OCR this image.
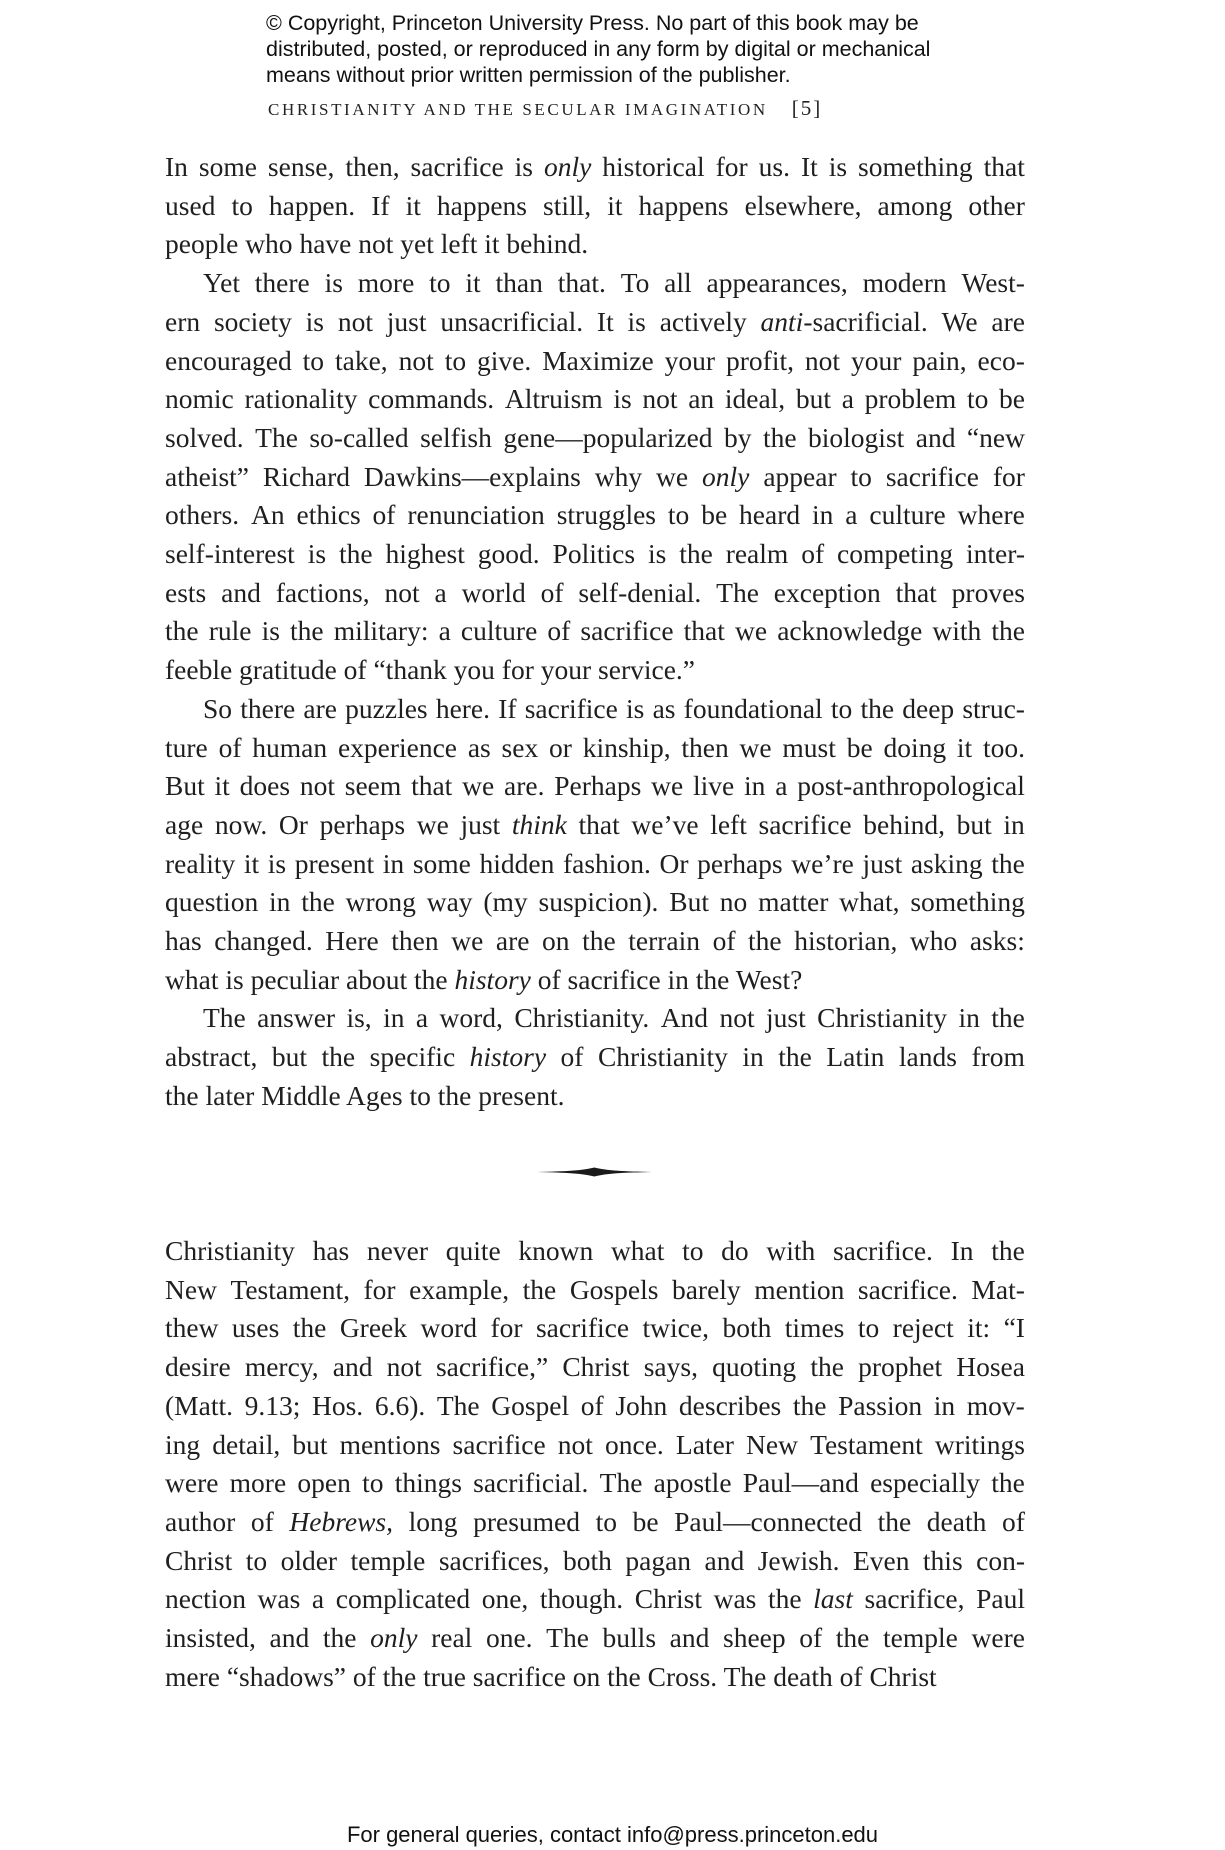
© Copyright, Princeton University Press. No part of this book may be
distributed, posted, or reproduced in any form by digital or mechanical
means without prior written permission of the publisher.
CHRISTIANITY AND THE SECULAR IMAGINATION [5]
In some sense, then, sacrifice is only historical for us. It is something that
used to happen. If it happens still, it happens elsewhere, among other
people who have not yet left it behind.
Yet there is more to it than that. To all appearances, modern West-
ern society is not just unsacrificial. It is actively anti-sacrificial. We are
encouraged to take, not to give. Maximize your profit, not your pain, eco-
nomic rationality commands. Altruism is not an ideal, but a problem to be
solved. The so-called selfish gene—popularized by the biologist and “new
atheist” Richard Dawkins—explains why we only appear to sacrifice for
others. An ethics of renunciation struggles to be heard in a culture where
self-interest is the highest good. Politics is the realm of competing inter-
ests and factions, not a world of self-denial. The exception that proves
the rule is the military: a culture of sacrifice that we acknowledge with the
feeble gratitude of “thank you for your service.”
So there are puzzles here. If sacrifice is as foundational to the deep struc-
ture of human experience as sex or kinship, then we must be doing it too.
But it does not seem that we are. Perhaps we live in a post-anthropological
age now. Or perhaps we just think that we’ve left sacrifice behind, but in
reality it is present in some hidden fashion. Or perhaps we’re just asking the
question in the wrong way (my suspicion). But no matter what, something
has changed. Here then we are on the terrain of the historian, who asks:
what is peculiar about the history of sacrifice in the West?
The answer is, in a word, Christianity. And not just Christianity in the
abstract, but the specific history of Christianity in the Latin lands from
the later Middle Ages to the present.
Christianity has never quite known what to do with sacrifice. In the
New Testament, for example, the Gospels barely mention sacrifice. Mat-
thew uses the Greek word for sacrifice twice, both times to reject it: “I
desire mercy, and not sacrifice,” Christ says, quoting the prophet Hosea
(Matt. 9.13; Hos. 6.6). The Gospel of John describes the Passion in mov-
ing detail, but mentions sacrifice not once. Later New Testament writings
were more open to things sacrificial. The apostle Paul—and especially the
author of Hebrews, long presumed to be Paul—connected the death of
Christ to older temple sacrifices, both pagan and Jewish. Even this con-
nection was a complicated one, though. Christ was the last sacrifice, Paul
insisted, and the only real one. The bulls and sheep of the temple were
mere “shadows” of the true sacrifice on the Cross. The death of Christ
For general queries, contact info@press.princeton.edu
